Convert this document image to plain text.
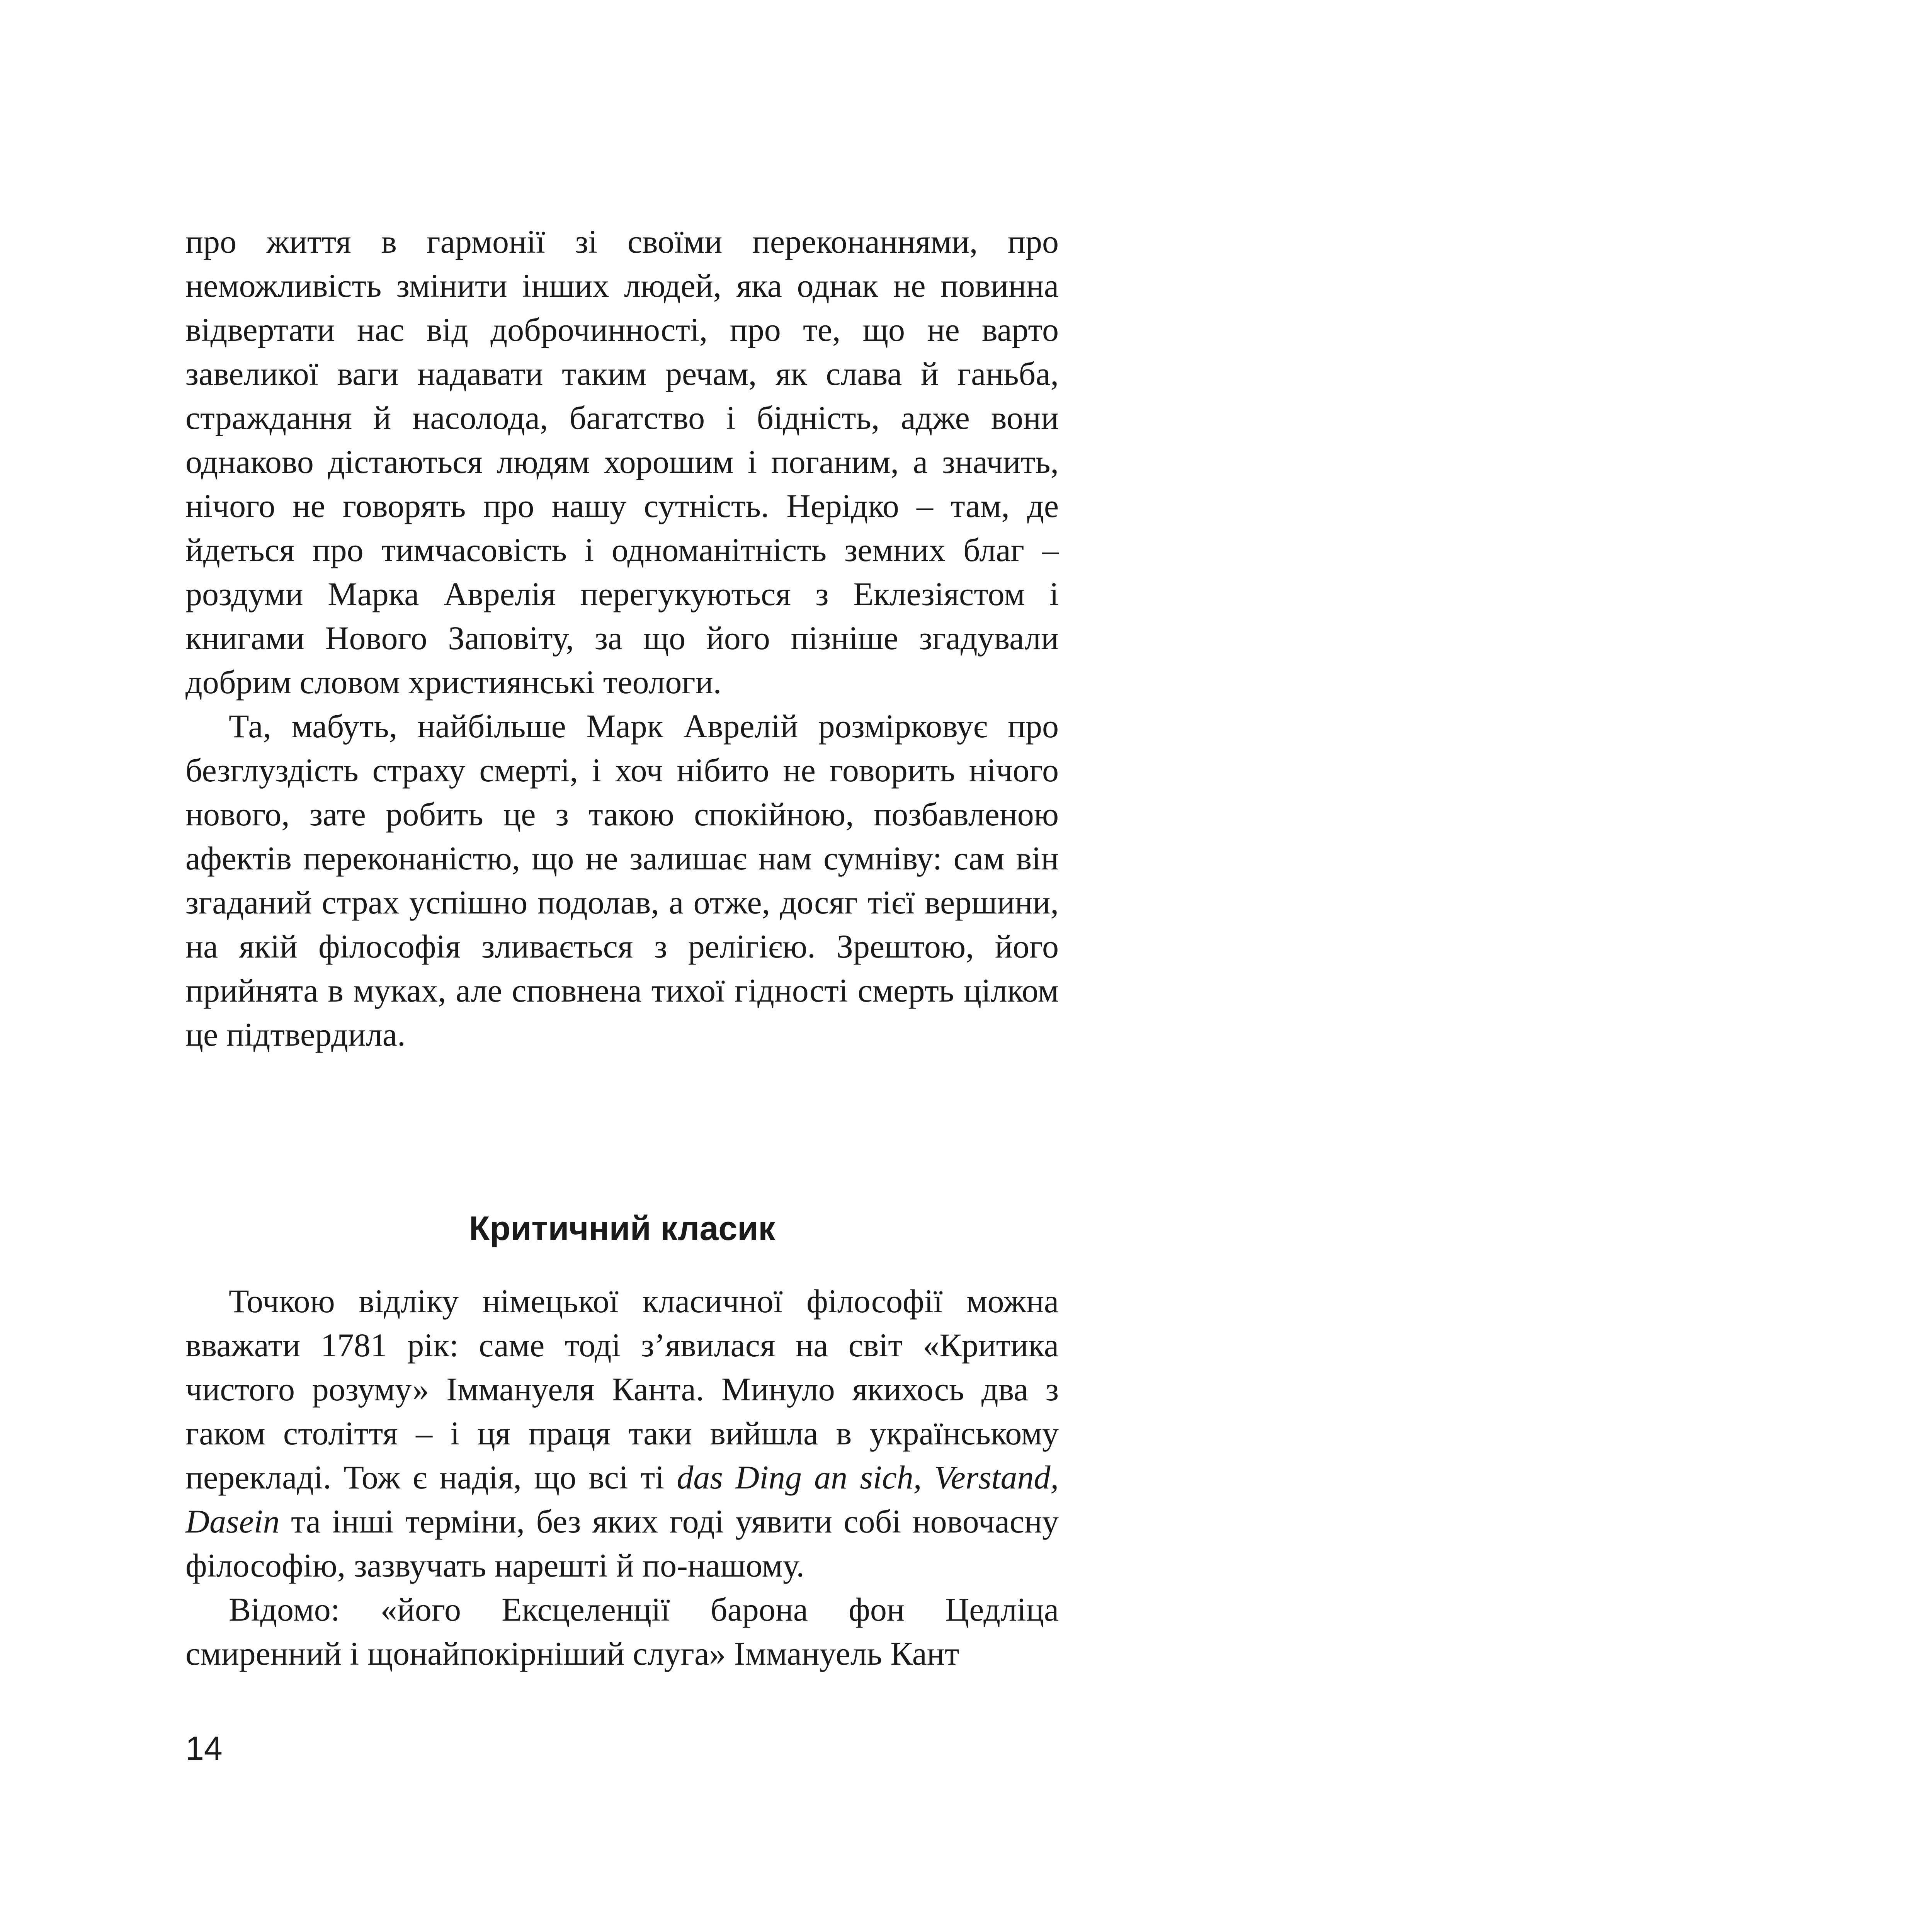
про життя в гармонії зі своїми переконаннями, про неможливість змінити інших людей, яка однак не повинна відвертати нас від доброчинності, про те, що не варто завеликої ваги надавати таким речам, як слава й ганьба, страждання й насолода, багатство і бідність, адже вони однаково дістаються людям хорошим і поганим, а значить, нічого не говорять про нашу сутність. Нерідко – там, де йдеться про тимчасовість і одноманітність земних благ – роздуми Марка Аврелія перегукуються з Еклезіястом і книгами Нового Заповіту, за що його пізніше згадували добрим словом християнські теологи.

Та, мабуть, найбільше Марк Аврелій розмірковує про безглуздість страху смерті, і хоч нібито не говорить нічого нового, зате робить це з такою спокійною, позбавленою афектів переконаністю, що не залишає нам сумніву: сам він згаданий страх успішно подолав, а отже, досяг тієї вершини, на якій філософія зливається з релігією. Зрештою, його прийнята в муках, але сповнена тихої гідності смерть цілком це підтвердила.

Критичний класик

Точкою відліку німецької класичної філософії можна вважати 1781 рік: саме тоді з’явилася на світ «Критика чистого розуму» Іммануеля Канта. Минуло якихось два з гаком століття – і ця праця таки вийшла в українському перекладі. Тож є надія, що всі ті das Ding an sich, Verstand, Dasein та інші терміни, без яких годі уявити собі новочасну філософію, зазвучать нарешті й по-нашому.

Відомо: «його Ексцеленції барона фон Цедліца смиренний і щонайпокірніший слуга» Іммануель Кант

14
